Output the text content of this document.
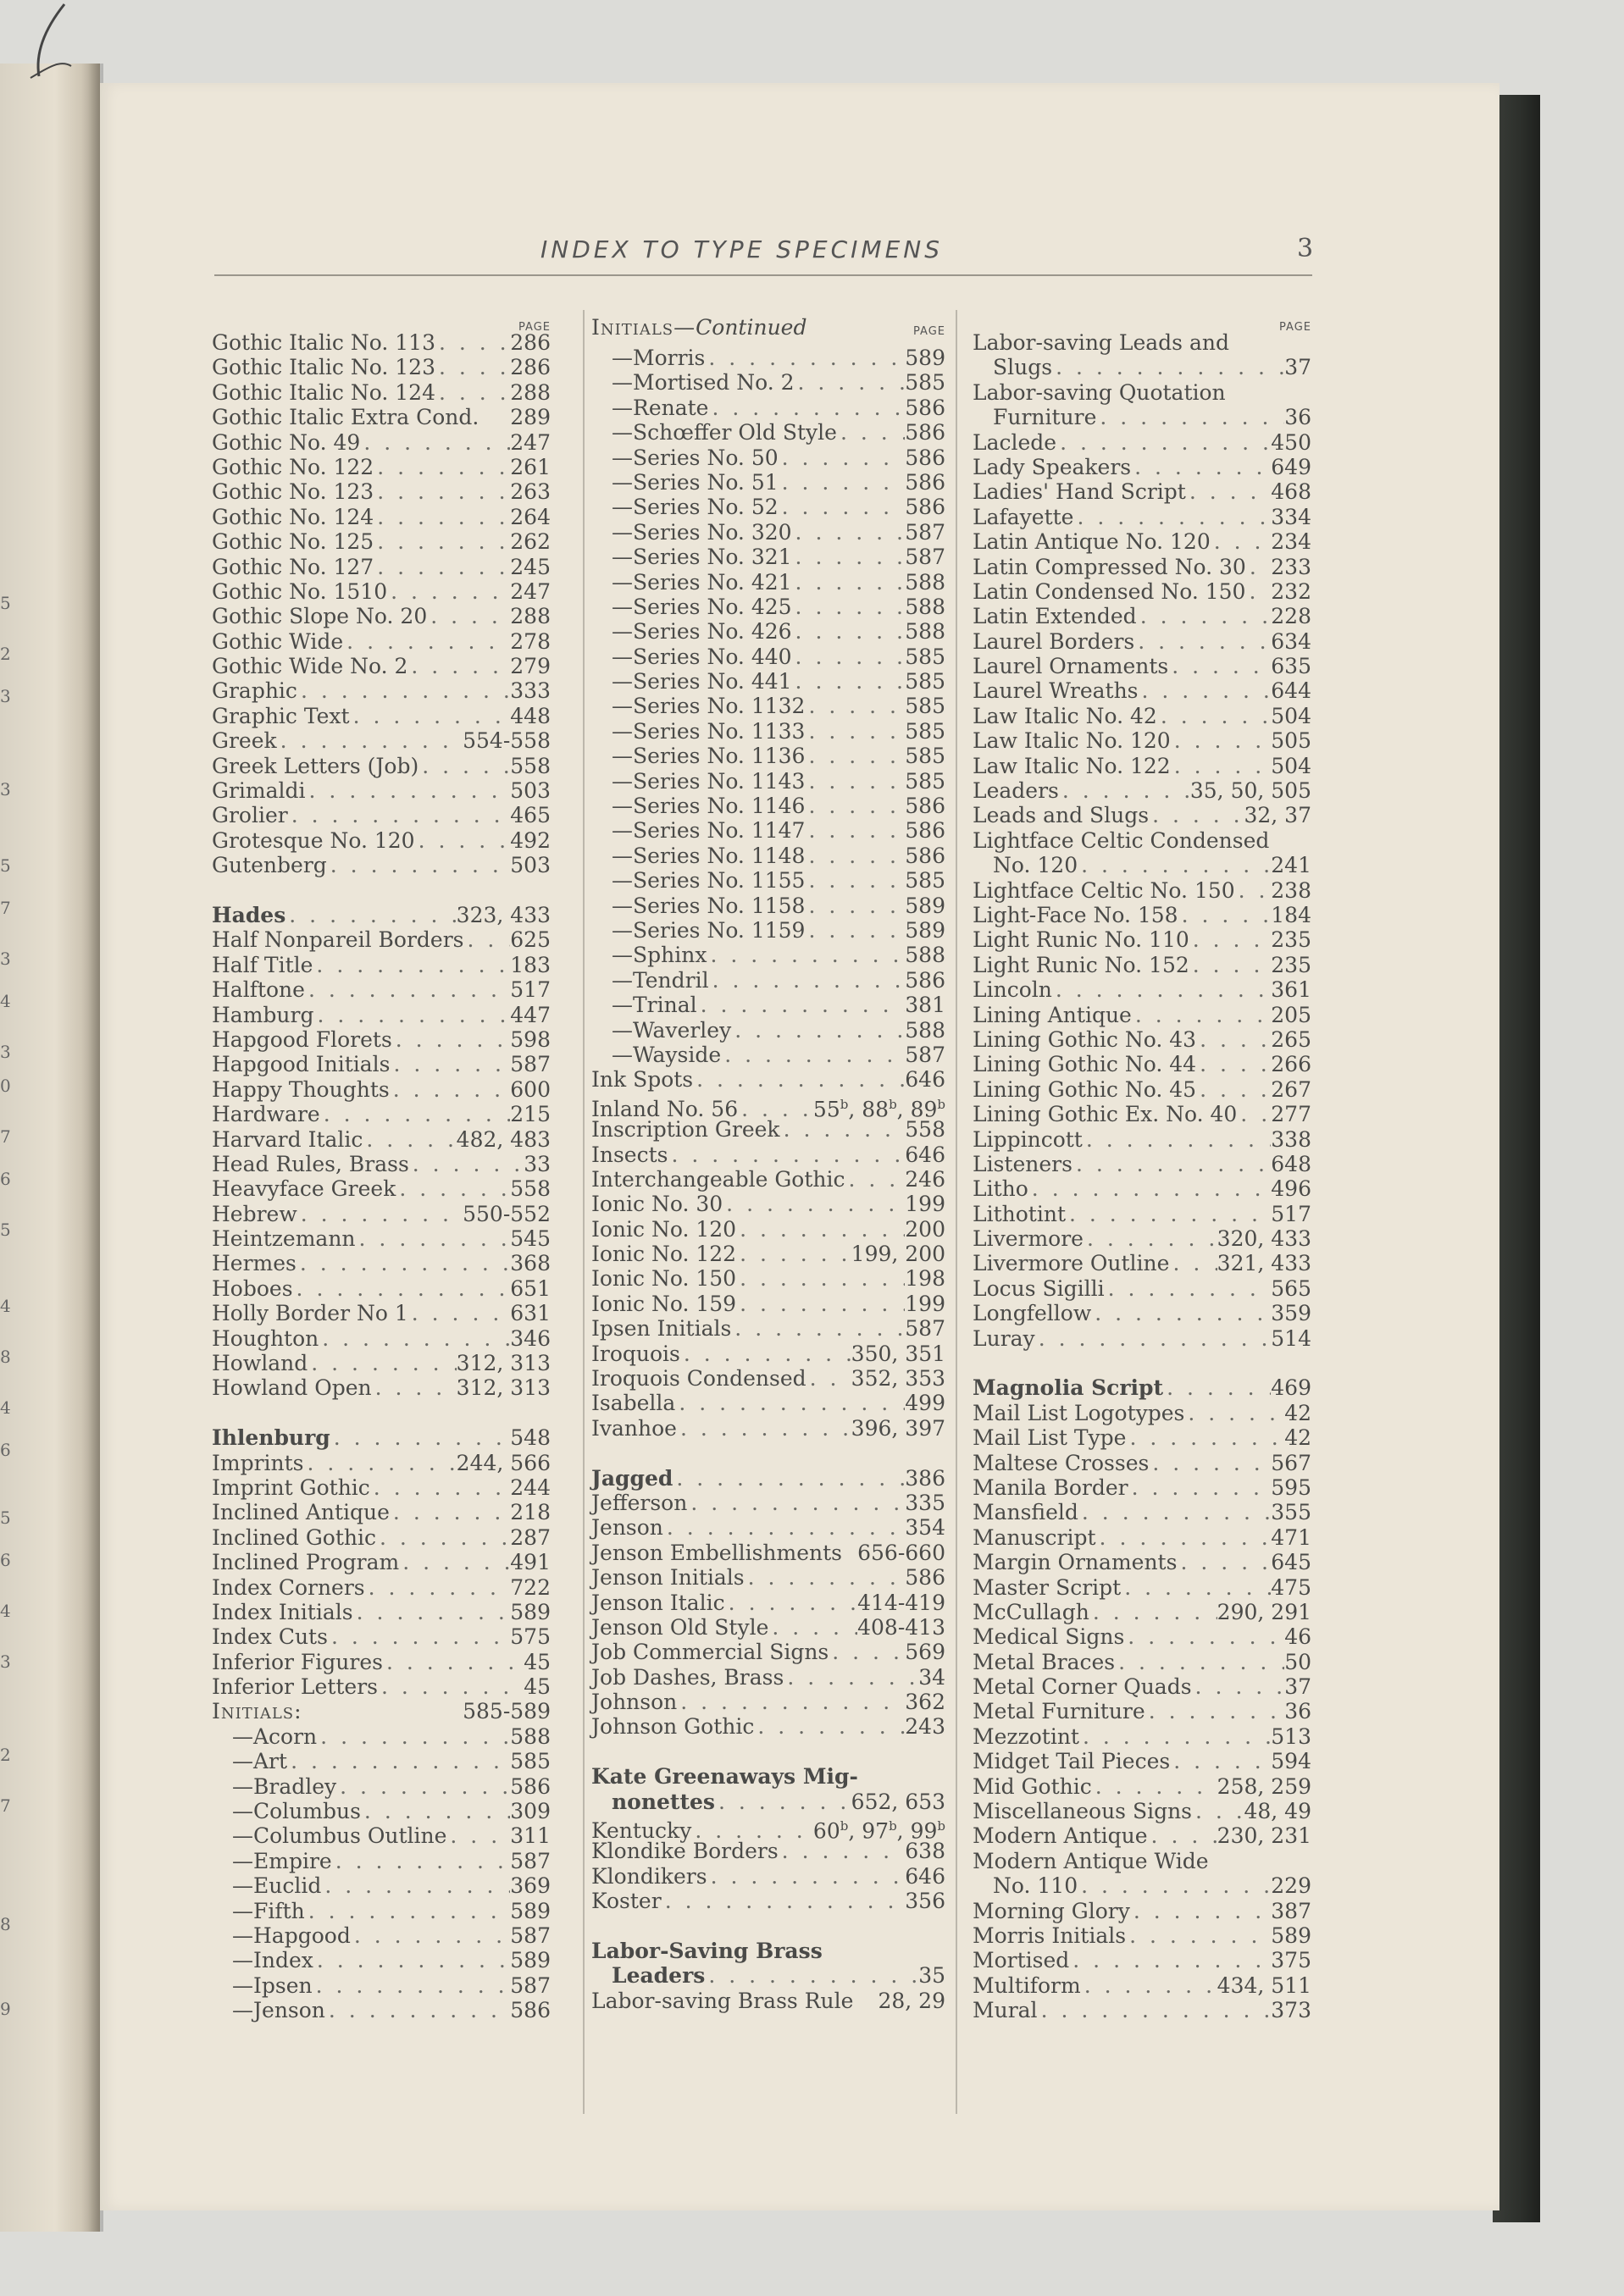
5
2
3
3
5
7
3
4
3
0
7
6
5
4
8
4
6
5
6
4
3
2
7
8
9
INDEX TO TYPE SPECIMENS	3
PAGE
Gothic Italic No. 113 . . .	286
Gothic Italic No. 123 . . .	286
Gothic Italic No. 124 . . .	288
Gothic Italic Extra Cond. 289
Gothic No. 49 . . .	247
Gothic No. 122 . . .	261
Gothic No. 123 . . .	263
Gothic No. 124 . . .	264
Gothic No. 125 . . .	262
Gothic No. 127 . . .	245
Gothic No. 1510 . . .	247
Gothic Slope No. 20 . . .	288
Gothic Wide . . .	278
Gothic Wide No. 2 . . .	279
Graphic . . .	333
Graphic Text . . .	448
Greek . . .	554-558
Greek Letters (Job) . . .	558
Grimaldi . . .	503
Grolier . . .	465
Grotesque No. 120 . . .	492
Gutenberg . . .	503
Hades . . .	323, 433
Half Nonpareil Borders . . . 625
Half Title . . .	183
Halftone . . .	517
Hamburg . . .	447
Hapgood Florets . . .	598
Hapgood Initials . . .	587
Happy Thoughts . . .	600
Hardware . . .	215
Harvard Italic . . .	482, 483
Head Rules, Brass . . .	33
Heavyface Greek . . .	558
Hebrew . . .	550-552
Heintzemann . . .	545
Hermes . . .	368
Hoboes . . .	651
Holly Border No 1 . . .	631
Houghton . . .	346
Howland . . .	312, 313
Howland Open . . .	312, 313
Ihlenburg . . .	548
Imprints . . .	244, 566
Imprint Gothic . . .	244
Inclined Antique . . .	218
Inclined Gothic . . .	287
Inclined Program . . .	491
Index Corners . . .	722
Index Initials . . .	589
Index Cuts . . .	575
Inferior Figures . . .	45
Inferior Letters . . .	45
Initials:	585-589
—Acorn . . .	588
—Art . . .	585
—Bradley . . .	586
—Columbus . . .	309
—Columbus Outline . . .	311
—Empire . . .	587
—Euclid . . .	369
—Fifth . . .	589
—Hapgood . . .	587
—Index . . .	589
—Ipsen . . .	587
—Jenson . . .	586
Initials—Continued	PAGE
—Morris . . .	589
—Mortised No. 2 . . .	585
—Renate . . .	586
—Schœffer Old Style . . .	586
—Series No. 50 . . .	586
—Series No. 51 . . .	586
—Series No. 52 . . .	586
—Series No. 320 . . .	587
—Series No. 321 . . .	587
—Series No. 421 . . .	588
—Series No. 425 . . .	588
—Series No. 426 . . .	588
—Series No. 440 . . .	585
—Series No. 441 . . .	585
—Series No. 1132 . . .	585
—Series No. 1133 . . .	585
—Series No. 1136 . . .	585
—Series No. 1143 . . .	585
—Series No. 1146 . . .	586
—Series No. 1147 . . .	586
—Series No. 1148 . . .	586
—Series No. 1155 . . .	585
—Series No. 1158 . . .	589
—Series No. 1159 . . .	589
—Sphinx . . .	588
—Tendril . . .	586
—Trinal . . .	381
—Waverley . . .	588
—Wayside . . .	587
Ink Spots . . .	646
Inland No. 56 . . .	55$^b$, 88$^b$, 89$^b$
Inscription Greek . . .	558
Insects . . .	646
Interchangeable Gothic . . .	246
Ionic No. 30 . . .	199
Ionic No. 120 . . .	200
Ionic No. 122 . . .	199, 200
Ionic No. 150 . . .	198
Ionic No. 159 . . .	199
Ipsen Initials . . .	587
Iroquois . . .	350, 351
Iroquois Condensed . . . 352, 353
Isabella . . .	499
Ivanhoe . . .	396, 397
Jagged . . .	386
Jefferson . . .	335
Jenson . . .	354
Jenson Embellishments 656-660
Jenson Initials . . .	586
Jenson Italic . . .	414-419
Jenson Old Style . . .	408-413
Job Commercial Signs . . .	569
Job Dashes, Brass . . .	34
Johnson . . .	362
Johnson Gothic . . .	243
Kate Greenaways Mig-
nonettes . . .	652, 653
Kentucky . . .	60$^b$, 97$^b$, 99$^b$
Klondike Borders . . .	638
Klondikers . . .	646
Koster . . .	356
Labor-Saving Brass
Leaders . . .	35
Labor-saving Brass Rule 28, 29
PAGE
Labor-saving Leads and
Slugs . . .	37
Labor-saving Quotation
Furniture . . .	36
Laclede . . .	450
Lady Speakers . . .	649
Ladies' Hand Script . . .	468
Lafayette . . .	334
Latin Antique No. 120 . . .	234
Latin Compressed No. 30 . . . 233
Latin Condensed No. 150 . . . 232
Latin Extended . . .	228
Laurel Borders . . .	634
Laurel Ornaments . . .	635
Laurel Wreaths . . .	644
Law Italic No. 42 . . .	504
Law Italic No. 120 . . .	505
Law Italic No. 122 . . .	504
Leaders . . .	35, 50, 505
Leads and Slugs . . .	32, 37
Lightface Celtic Condensed
No. 120 . . .	241
Lightface Celtic No. 150 . . . 238
Light-Face No. 158 . . .	184
Light Runic No. 110 . . .	235
Light Runic No. 152 . . .	235
Lincoln . . .	361
Lining Antique . . .	205
Lining Gothic No. 43 . . .	265
Lining Gothic No. 44 . . .	266
Lining Gothic No. 45 . . .	267
Lining Gothic Ex. No. 40 . . . 277
Lippincott . . .	338
Listeners . . .	648
Litho . . .	496
Lithotint . . .	517
Livermore . . .	320, 433
Livermore Outline . . . 321, 433
Locus Sigilli . . .	565
Longfellow . . .	359
Luray . . .	514
Magnolia Script . . .	469
Mail List Logotypes . . .	42
Mail List Type . . .	42
Maltese Crosses . . .	567
Manila Border . . .	595
Mansfield . . .	355
Manuscript . . .	471
Margin Ornaments . . .	645
Master Script . . .	475
McCullagh . . .	290, 291
Medical Signs . . .	46
Metal Braces . . .	50
Metal Corner Quads . . .	37
Metal Furniture . . .	36
Mezzotint . . .	513
Midget Tail Pieces . . .	594
Mid Gothic . . .	258, 259
Miscellaneous Signs . . . 48, 49
Modern Antique . . .	230, 231
Modern Antique Wide
No. 110 . . .	229
Morning Glory . . .	387
Morris Initials . . .	589
Mortised . . .	375
Multiform . . .	434, 511
Mural . . .	373
